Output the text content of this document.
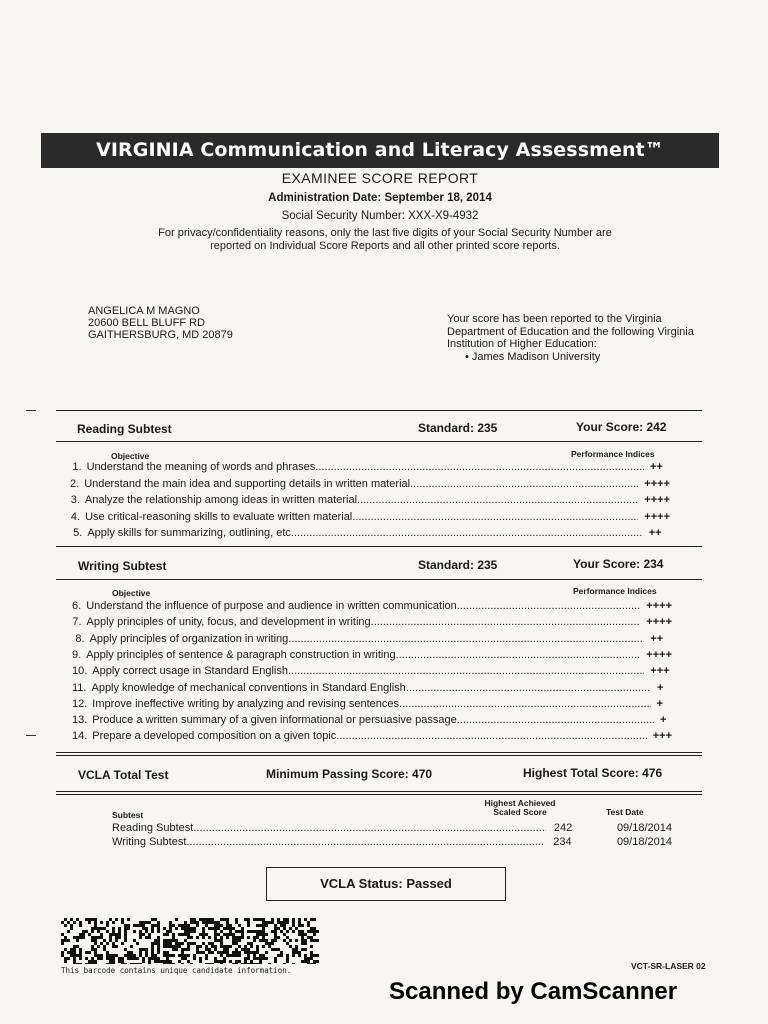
VIRGINIA Communication and Literacy Assessment™
EXAMINEE SCORE REPORT
Administration Date: September 18, 2014
Social Security Number: XXX-X9-4932
For privacy/confidentiality reasons, only the last five digits of your Social Security Number are reported on Individual Score Reports and all other printed score reports.
ANGELICA M MAGNO
20600 BELL BLUFF RD
GAITHERSBURG, MD 20879
Your score has been reported to the Virginia Department of Education and the following Virginia Institution of Higher Education:
• James Madison University
Reading Subtest	Standard: 235	Your Score: 242
Objective	Performance Indices
1. Understand the meaning of words and phrases .....	++
2. Understand the main idea and supporting details in written material .....	++++
3. Analyze the relationship among ideas in written material .....	++++
4. Use critical-reasoning skills to evaluate written material .....	++++
5. Apply skills for summarizing, outlining, etc. .....	++
Writing Subtest	Standard: 235	Your Score: 234
Objective	Performance Indices
6. Understand the influence of purpose and audience in written communication .....	++++
7. Apply principles of unity, focus, and development in writing .....	++++
8. Apply principles of organization in writing .....	++
9. Apply principles of sentence & paragraph construction in writing .....	++++
10. Apply correct usage in Standard English .....	+++
11. Apply knowledge of mechanical conventions in Standard English .....	+
12. Improve ineffective writing by analyzing and revising sentences .....	+
13. Produce a written summary of a given informational or persuasive passage .....	+
14. Prepare a developed composition on a given topic .....	+++
VCLA Total Test	Minimum Passing Score: 470	Highest Total Score: 476
Subtest
Highest Achieved Scaled Score	Test Date
Reading Subtest .....	242	09/18/2014
Writing Subtest .....	234	09/18/2014
VCLA Status: Passed
This barcode contains unique candidate information.	VCT-SR-LASER 02
Scanned by CamScanner
